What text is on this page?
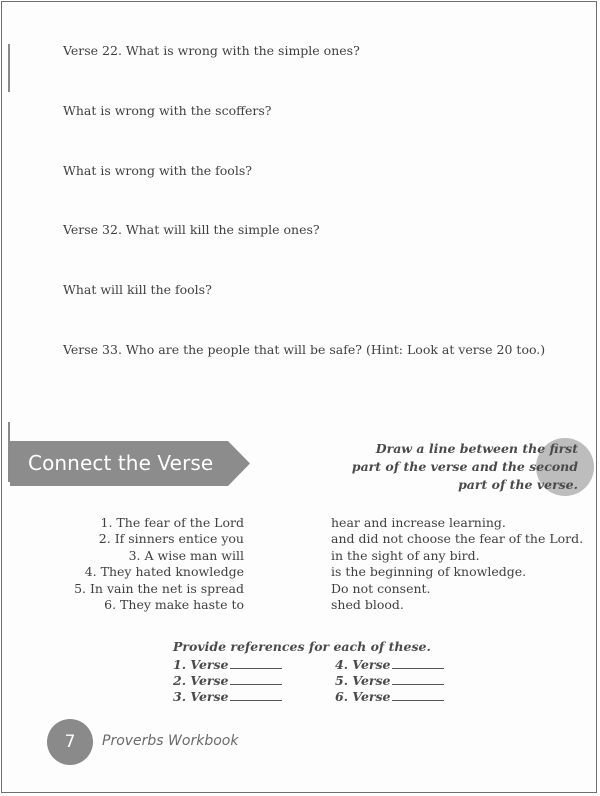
Verse 22. What is wrong with the simple ones?
What is wrong with the scoffers?
What is wrong with the fools?
Verse 32. What will kill the simple ones?
What will kill the fools?
Verse 33. Who are the people that will be safe? (Hint: Look at verse 20 too.)
Connect the Verse
Draw a line between the first
part of the verse and the second
part of the verse.
1. The fear of the Lord
2. If sinners entice you
3. A wise man will
4. They hated knowledge
5. In vain the net is spread
6. They make haste to
hear and increase learning.
and did not choose the fear of the Lord.
in the sight of any bird.
is the beginning of knowledge.
Do not consent.
shed blood.
Provide references for each of these.
1. Verse
2. Verse
3. Verse
4. Verse
5. Verse
6. Verse
7	Proverbs Workbook
